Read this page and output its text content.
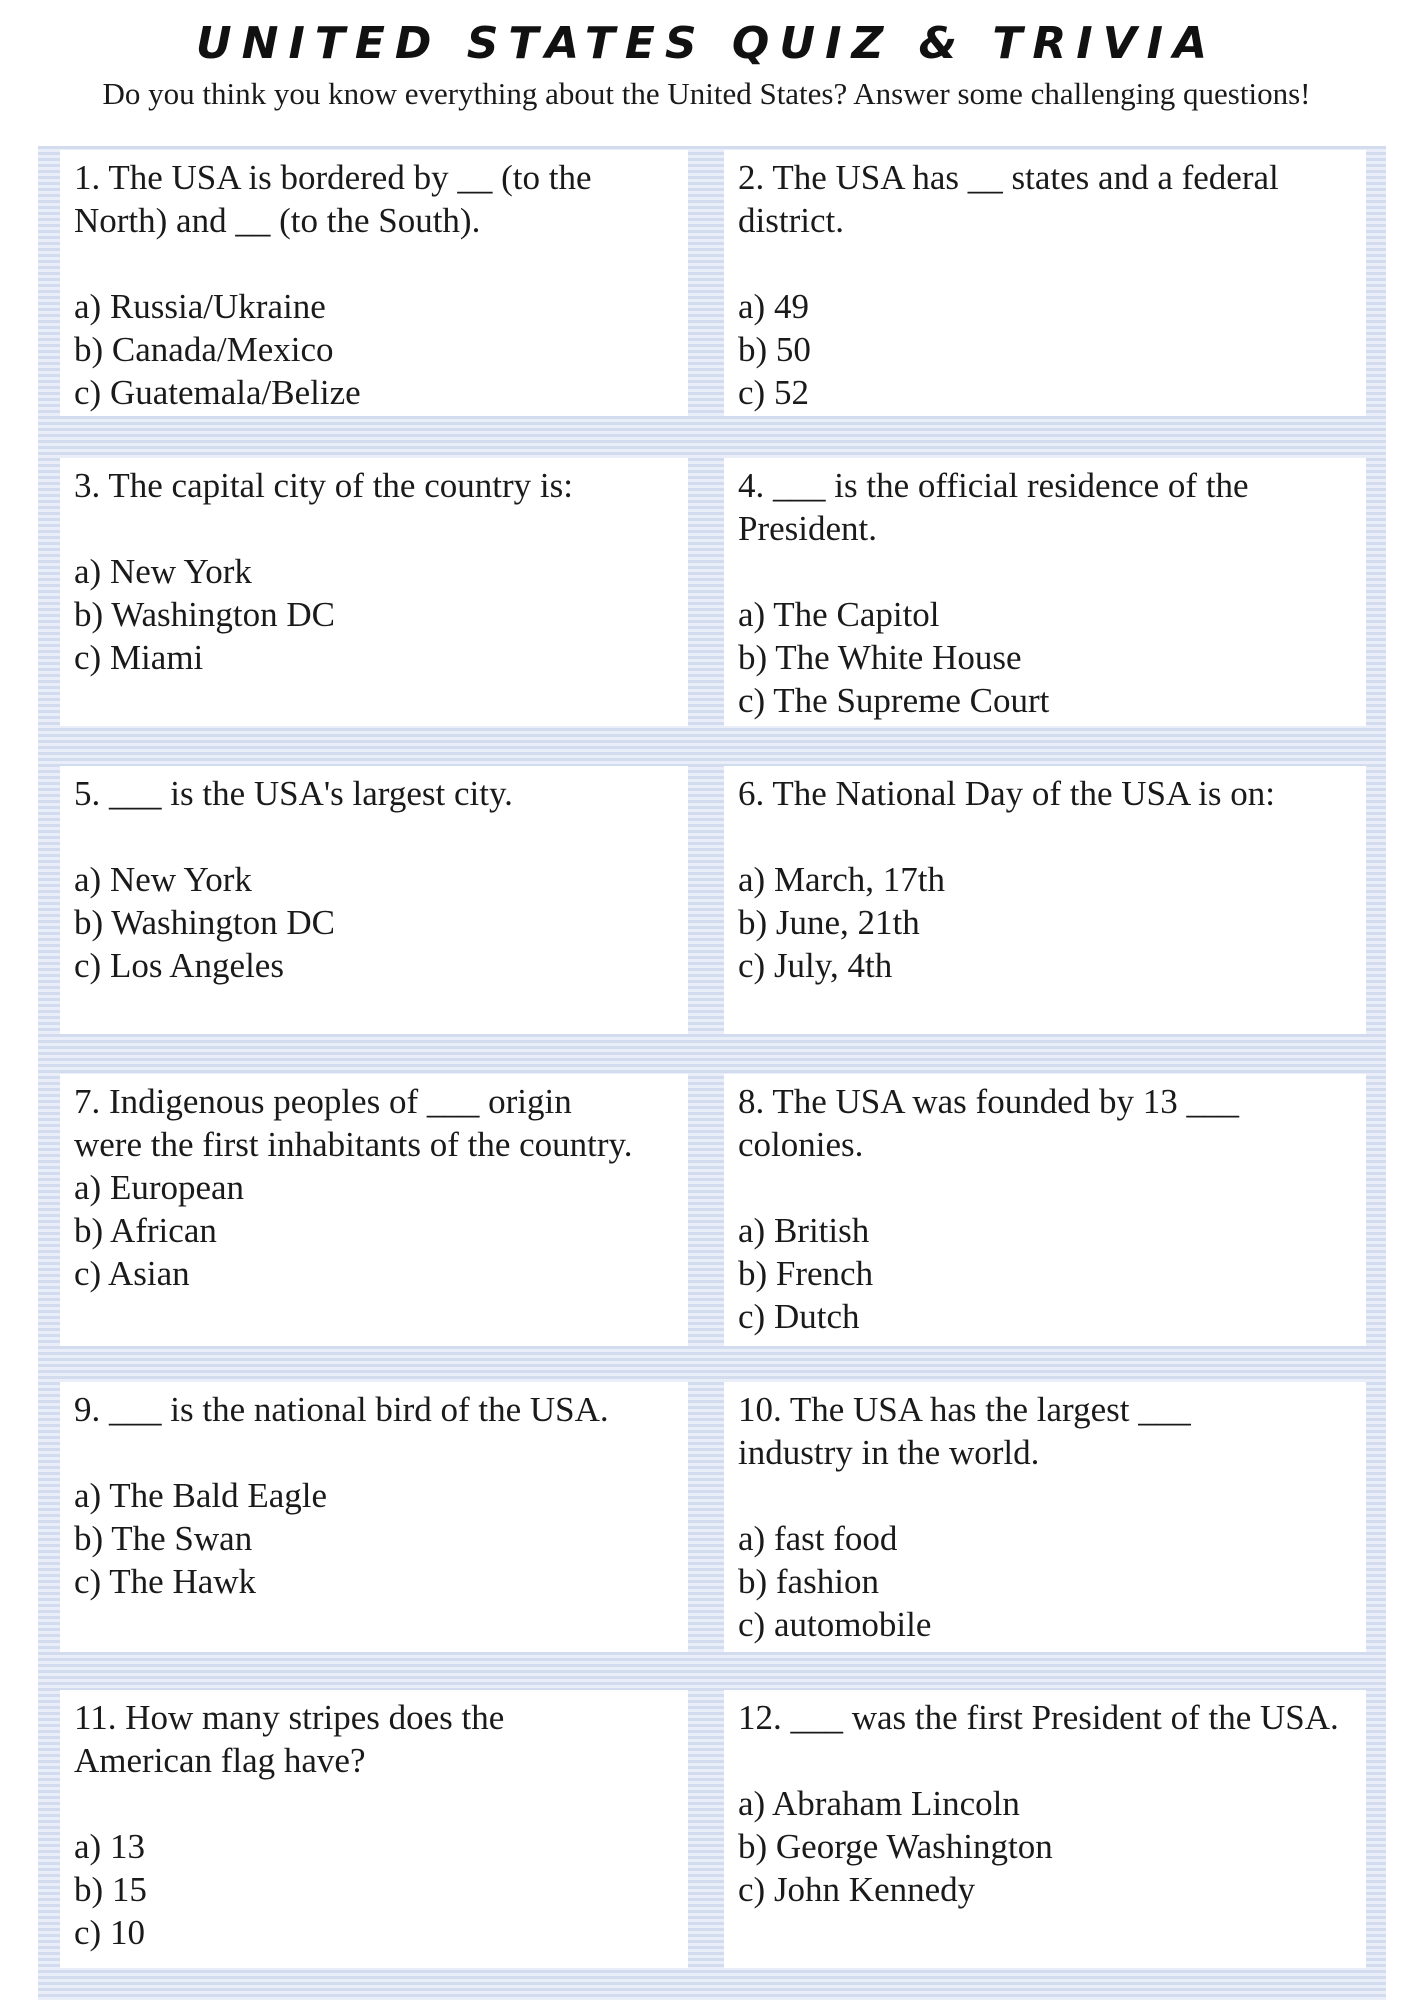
UNITED STATES QUIZ & TRIVIA

Do you think you know everything about the United States? Answer some challenging questions!

1. The USA is bordered by __ (to the North) and __ (to the South).

a) Russia/Ukraine
b) Canada/Mexico
c) Guatemala/Belize

2. The USA has __ states and a federal district.

a) 49
b) 50
c) 52

3. The capital city of the country is:

a) New York
b) Washington DC
c) Miami

4. ___ is the official residence of the President.

a) The Capitol
b) The White House
c) The Supreme Court

5. ___ is the USA's largest city.

a) New York
b) Washington DC
c) Los Angeles

6. The National Day of the USA is on:

a) March, 17th
b) June, 21th
c) July, 4th

7. Indigenous peoples of ___ origin were the first inhabitants of the country.

a) European
b) African
c) Asian

8. The USA was founded by 13 ___ colonies.

a) British
b) French
c) Dutch

9. ___ is the national bird of the USA.

a) The Bald Eagle
b) The Swan
c) The Hawk

10. The USA has the largest ___ industry in the world.

a) fast food
b) fashion
c) automobile

11. How many stripes does the American flag have?

a) 13
b) 15
c) 10

12. ___ was the first President of the USA.

a) Abraham Lincoln
b) George Washington
c) John Kennedy
